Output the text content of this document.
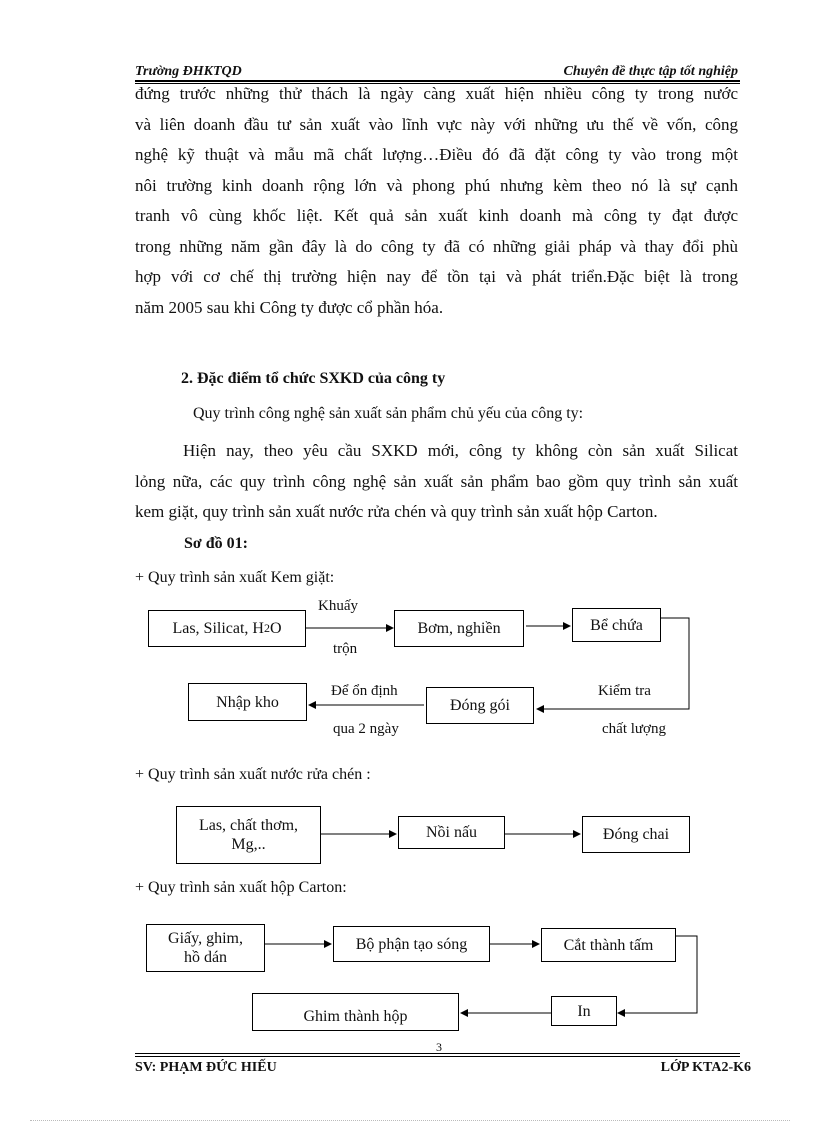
Trường ĐHKTQD	Chuyên đề thực tập tốt nghiệp
đứng trước những thử thách là ngày càng xuất hiện nhiều công ty trong nước
và liên doanh đầu tư sản xuất vào lĩnh vực này với những ưu thế về vốn, công
nghệ kỹ thuật và mẫu mã chất lượng…Điều đó đã đặt công ty vào trong một
nôi trường kinh doanh rộng lớn và phong phú nhưng kèm theo nó là sự cạnh
tranh vô cùng khốc liệt. Kết quả sản xuất kinh doanh mà công ty đạt được
trong những năm gần đây là do công ty đã có những giải pháp và thay đổi phù
hợp với cơ chế thị trường hiện nay để tồn tại và phát triển.Đặc biệt là trong
năm 2005 sau khi Công ty được cổ phần hóa.
2. Đặc điểm tổ chức SXKD của công ty
Quy trình công nghệ sản xuất sản phẩm chủ yếu của công ty:
Hiện nay, theo yêu cầu SXKD mới, công ty không còn sản xuất Silicat
lỏng nữa, các quy trình công nghệ sản xuất sản phẩm bao gồm quy trình sản xuất
kem giặt, quy trình sản xuất nước rửa chén và quy trình sản xuất hộp Carton.
Sơ đồ 01:
+ Quy trình sản xuất Kem giặt:
Las, Silicat, H 2 O
Khuấy
trộn
Bơm, nghiền	Bể chứa
Kiểm tra
chất lượng
Đóng gói
Để ổn định
qua 2 ngày
Nhập kho
+ Quy trình sản xuất nước rửa chén :
Las, chất thơm,
Mg,..
Nồi nấu	Đóng chai
+ Quy trình sản xuất hộp Carton:
Giấy, ghim,
hồ dán
Bộ phận tạo sóng	Cắt thành tấm
In
Ghim thành hộp
3
SV: PHẠM ĐỨC HIẾU	LỚP KTA2-K6
